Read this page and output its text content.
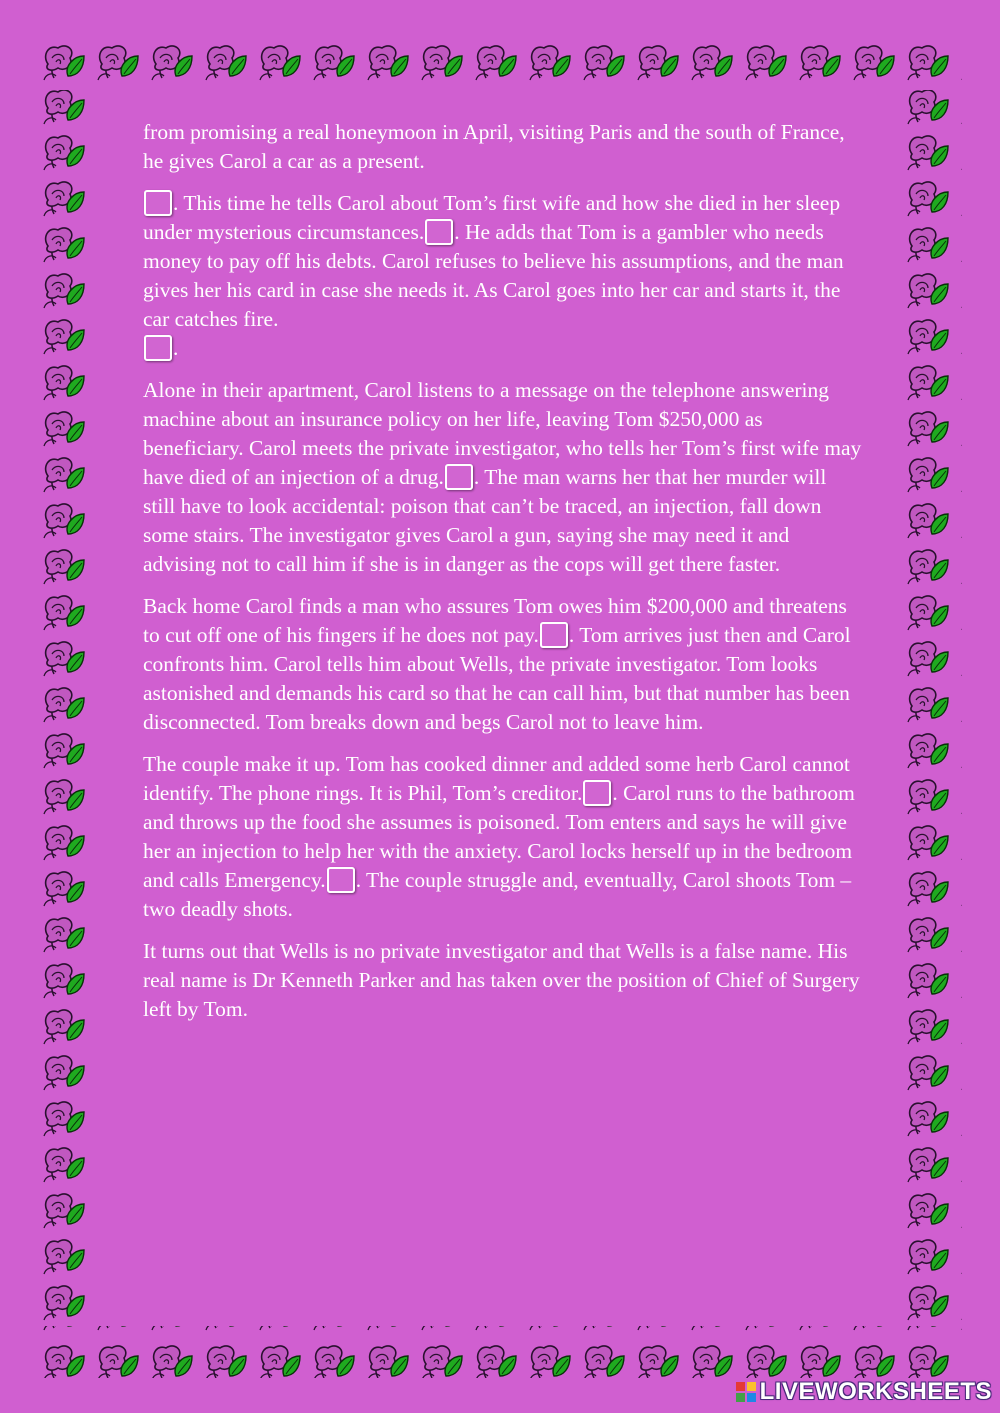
from promising a real honeymoon in April, visiting Paris and the south of France, he gives Carol a car as a present.

. This time he tells Carol about Tom’s first wife and how she died in her sleep under mysterious circumstances. . He adds that Tom is a gambler who needs money to pay off his debts. Carol refuses to believe his assumptions, and the man gives her his card in case she needs it. As Carol goes into her car and starts it, the car catches fire.
.

Alone in their apartment, Carol listens to a message on the telephone answering machine about an insurance policy on her life, leaving Tom $250,000 as beneficiary. Carol meets the private investigator, who tells her Tom’s first wife may have died of an injection of a drug. . The man warns her that her murder will still have to look accidental: poison that can’t be traced, an injection, fall down some stairs. The investigator gives Carol a gun, saying she may need it and advising not to call him if she is in danger as the cops will get there faster.

Back home Carol finds a man who assures Tom owes him $200,000 and threatens to cut off one of his fingers if he does not pay. . Tom arrives just then and Carol confronts him. Carol tells him about Wells, the private investigator. Tom looks astonished and demands his card so that he can call him, but that number has been disconnected. Tom breaks down and begs Carol not to leave him.

The couple make it up. Tom has cooked dinner and added some herb Carol cannot identify. The phone rings. It is Phil, Tom’s creditor. . Carol runs to the bathroom and throws up the food she assumes is poisoned. Tom enters and says he will give her an injection to help her with the anxiety. Carol locks herself up in the bedroom and calls Emergency. . The couple struggle and, eventually, Carol shoots Tom – two deadly shots.

It turns out that Wells is no private investigator and that Wells is a false name. His real name is Dr Kenneth Parker and has taken over the position of Chief of Surgery left by Tom.

LIVEWORKSHEETS
